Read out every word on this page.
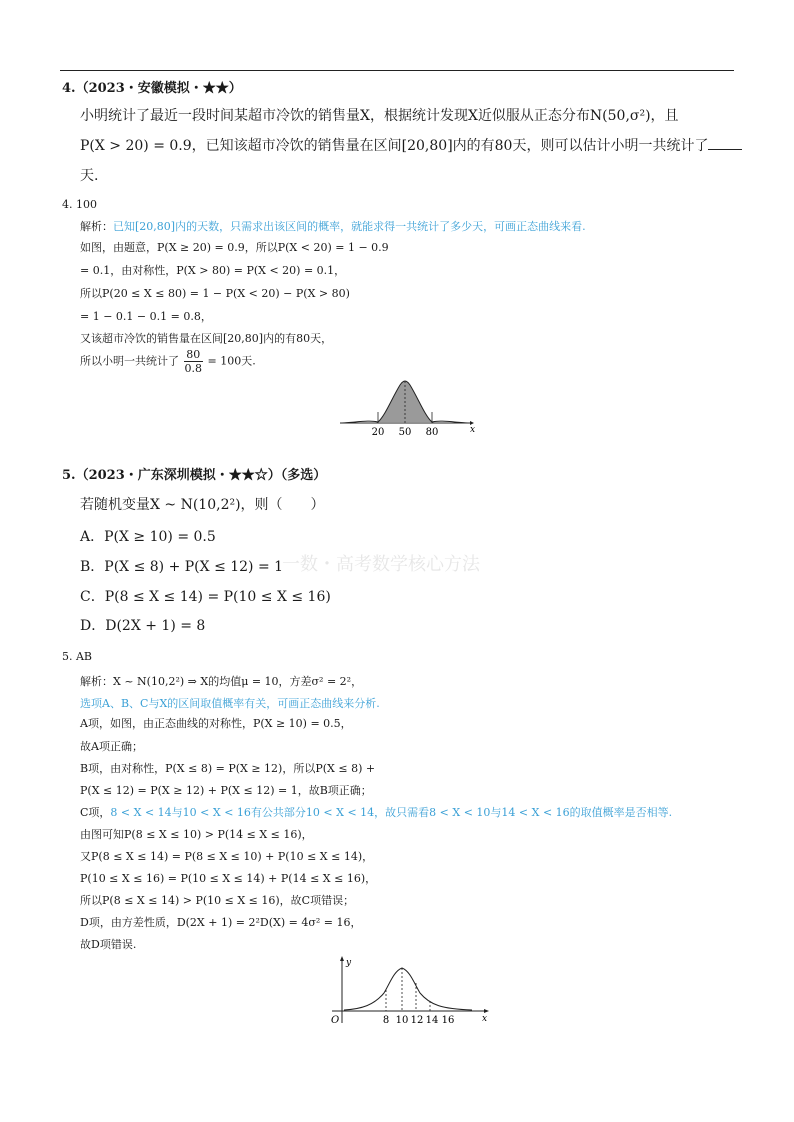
4.（2023・安徽模拟・★★）
小明统计了最近一段时间某超市冷饮的销售量X，根据统计发现X近似服从正态分布N(50,σ²)，且
P(X > 20) = 0.9，已知该超市冷饮的销售量在区间[20,80]内的有80天，则可以估计小明一共统计了
天.
4. 100
解析：已知[20,80]内的天数，只需求出该区间的概率，就能求得一共统计了多少天，可画正态曲线来看.
如图，由题意，P(X ≥ 20) = 0.9，所以P(X < 20) = 1 − 0.9
= 0.1，由对称性，P(X > 80) = P(X < 20) = 0.1，
所以P(20 ≤ X ≤ 80) = 1 − P(X < 20) − P(X > 80)
= 1 − 0.1 − 0.1 = 0.8，
又该超市冷饮的销售量在区间[20,80]内的有80天，
所以小明一共统计了 $\frac{80}{0.8} = 100$天.
20 50 80	x
5.（2023・广东深圳模拟・★★☆）（多选）
若随机变量X ~ N(10,2²)，则（　　）
A．P(X ≥ 10) = 0.5
B．P(X ≤ 8) + P(X ≤ 12) = 1
C．P(8 ≤ X ≤ 14) = P(10 ≤ X ≤ 16)
D．D(2X + 1) = 8
一数・高考数学核心方法
5. AB
解析：X ~ N(10,2²) ⇒ X的均值μ = 10，方差σ² = 2²，
选项A、B、C与X的区间取值概率有关，可画正态曲线来分析.
A项，如图，由正态曲线的对称性，P(X ≥ 10) = 0.5，
故A项正确；
B项，由对称性，P(X ≤ 8) = P(X ≥ 12)，所以P(X ≤ 8) +
P(X ≤ 12) = P(X ≥ 12) + P(X ≤ 12) = 1，故B项正确；
C项，8 < X < 14与10 < X < 16有公共部分10 < X < 14，故只需看8 < X < 10与14 < X < 16的取值概率是否相等.
由图可知P(8 ≤ X ≤ 10) > P(14 ≤ X ≤ 16)，
又P(8 ≤ X ≤ 14) = P(8 ≤ X ≤ 10) + P(10 ≤ X ≤ 14)，
P(10 ≤ X ≤ 16) = P(10 ≤ X ≤ 14) + P(14 ≤ X ≤ 16)，
所以P(8 ≤ X ≤ 14) > P(10 ≤ X ≤ 16)，故C项错误；
D项，由方差性质，D(2X + 1) = 2²D(X) = 4σ² = 16，
故D项错误.
O
y
x
8 10 12 14 16
